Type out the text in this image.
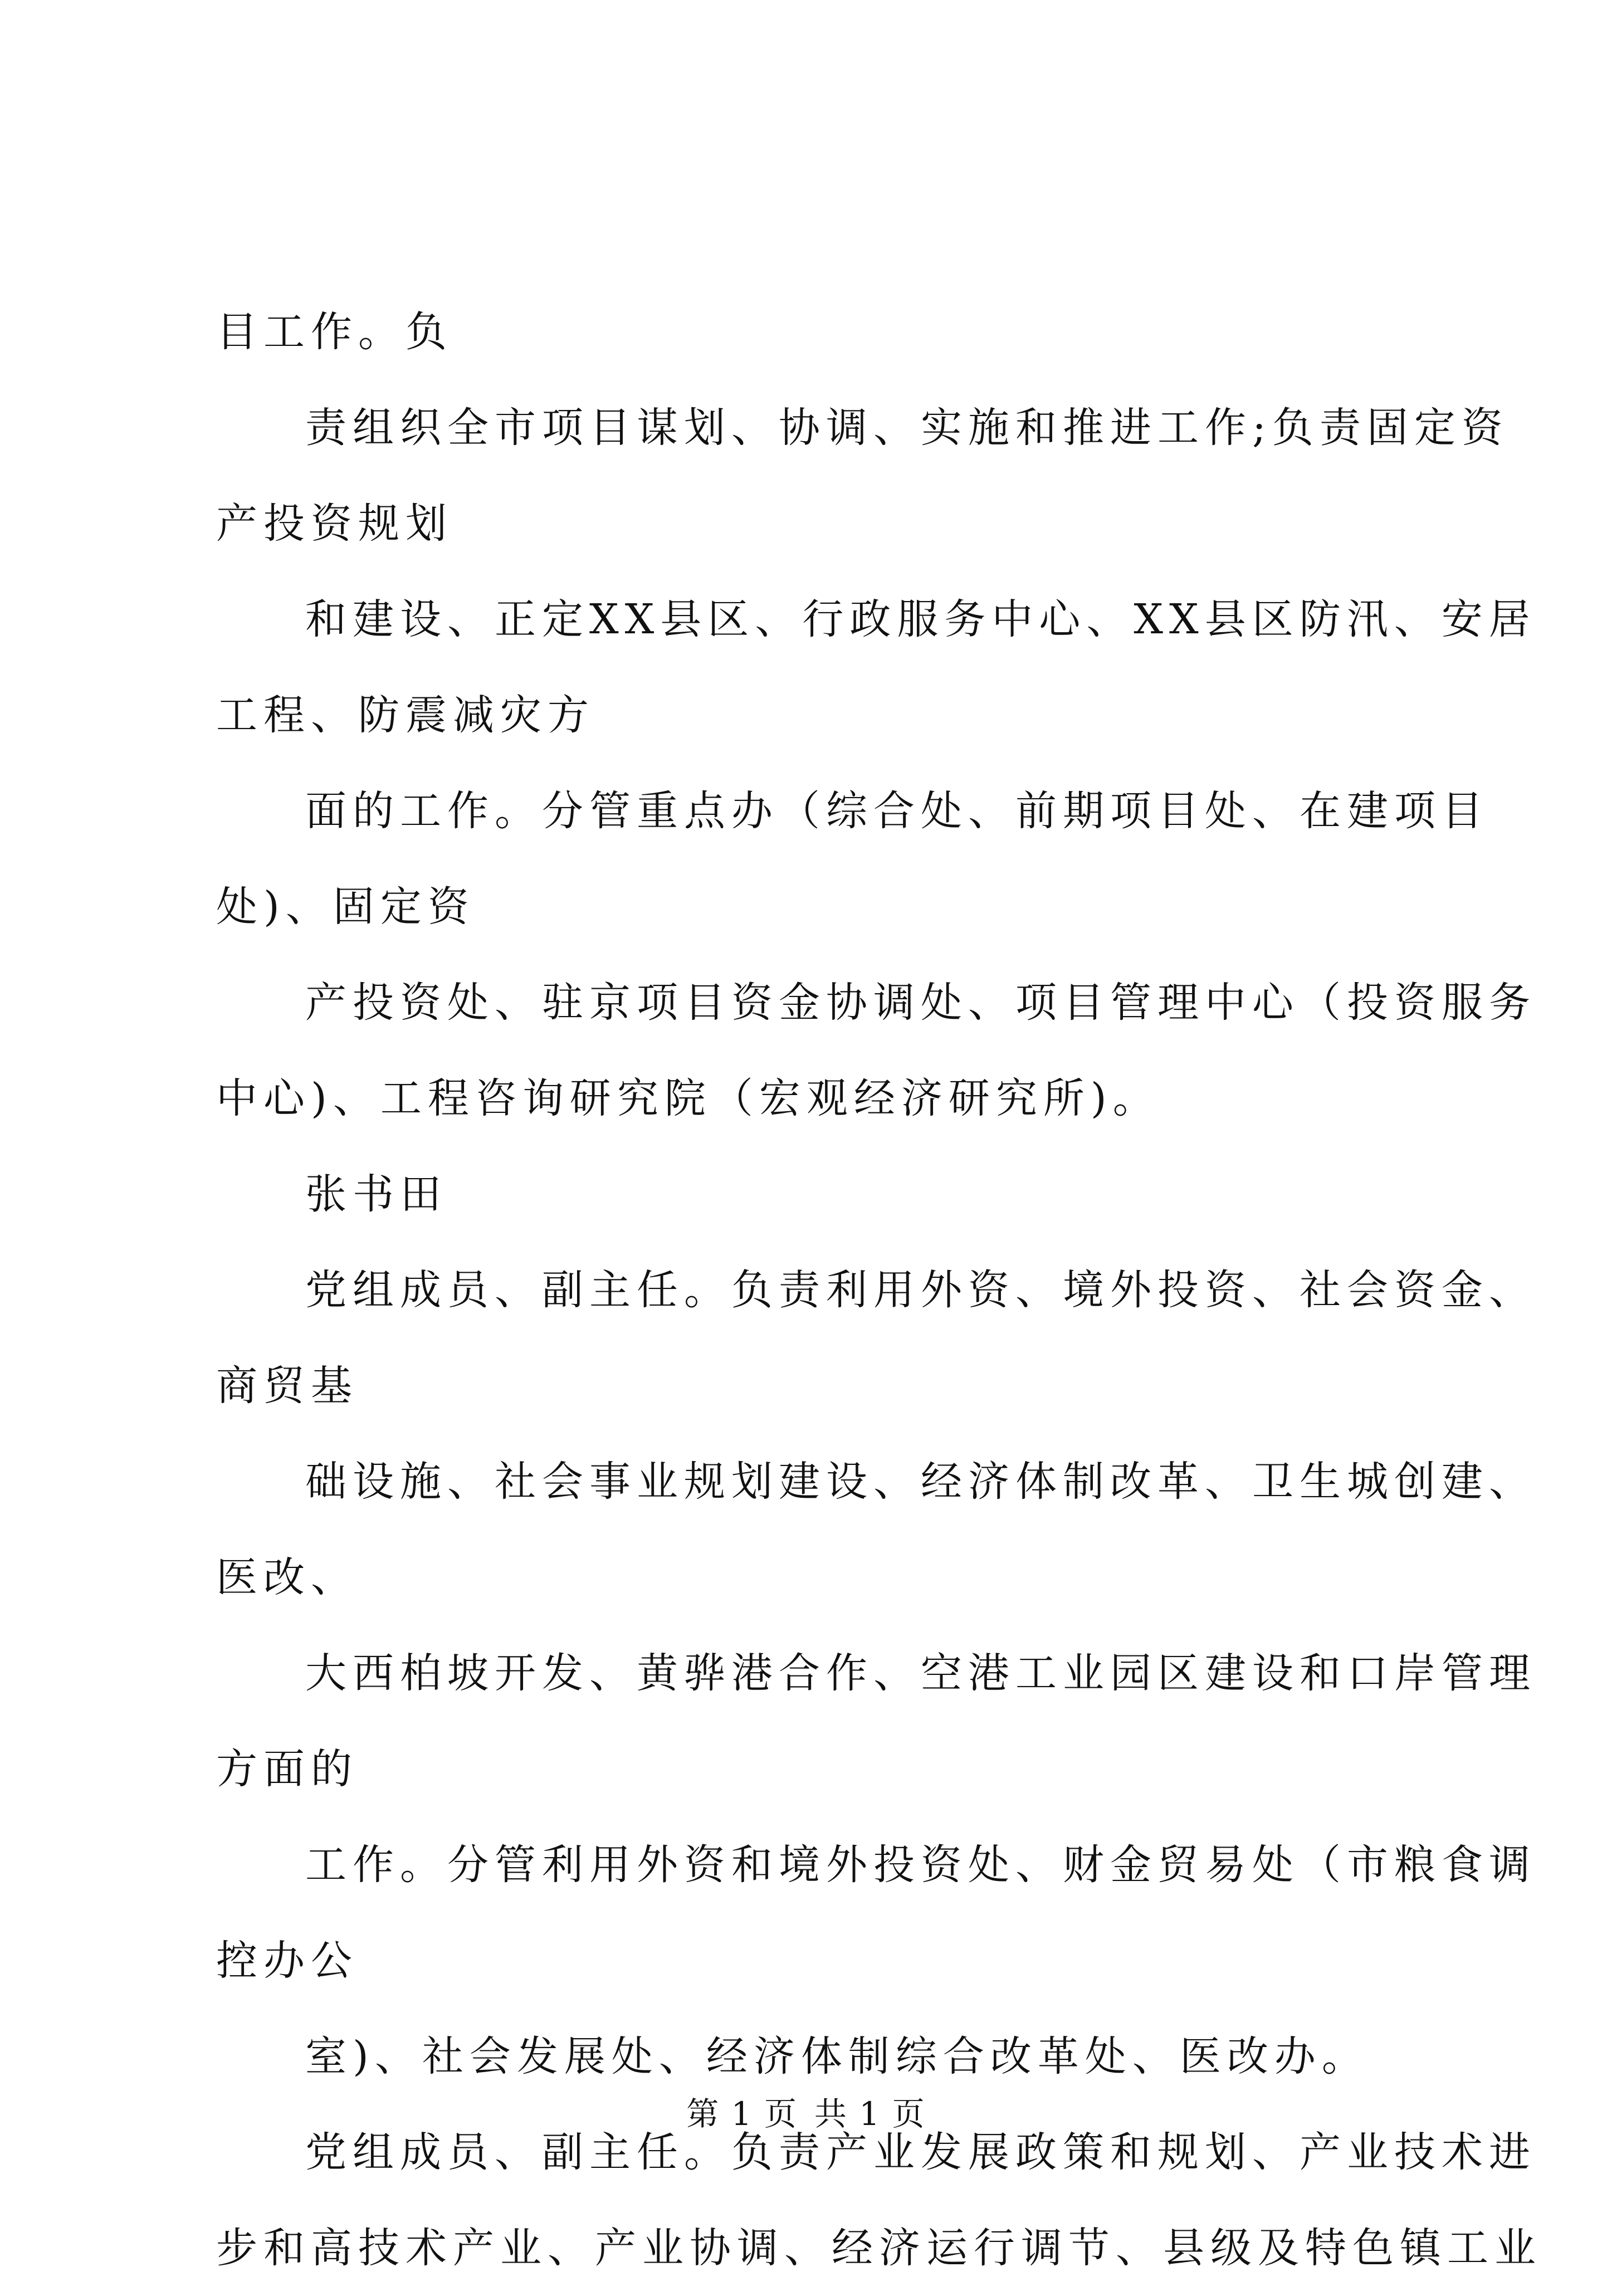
目工作。负

责组织全市项目谋划、协调、实施和推进工作;负责固定资

产投资规划

和建设、正定XX县区、行政服务中心、XX县区防汛、安居

工程、防震减灾方

面的工作。分管重点办（综合处、前期项目处、在建项目

处)、固定资

产投资处、驻京项目资金协调处、项目管理中心（投资服务

中心)、工程咨询研究院（宏观经济研究所)。

张书田

党组成员、副主任。负责利用外资、境外投资、社会资金、

商贸基

础设施、社会事业规划建设、经济体制改革、卫生城创建、

医改、

大西柏坡开发、黄骅港合作、空港工业园区建设和口岸管理

方面的

工作。分管利用外资和境外投资处、财金贸易处（市粮食调

控办公

室)、社会发展处、经济体制综合改革处、医改办。

党组成员、副主任。负责产业发展政策和规划、产业技术进

步和高技术产业、产业协调、经济运行调节、县级及特色镇工业

第 1 页 共 1 页
